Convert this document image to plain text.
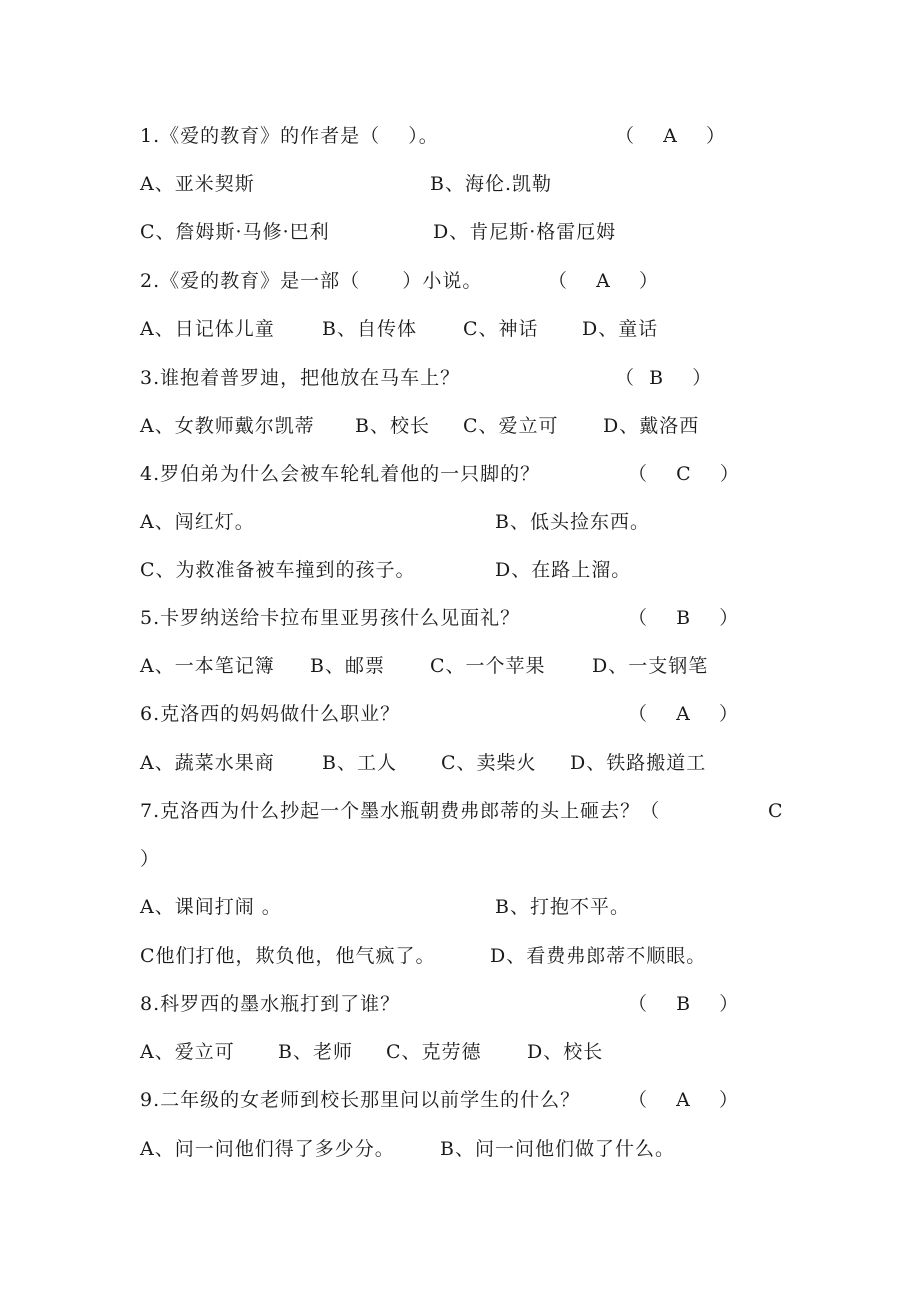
1.《爱的教育》的作者是（    ）。	（    A    ）
A、亚米契斯	B、海伦.凯勒
C、詹姆斯·马修·巴利	D、肯尼斯·格雷厄姆
2.《爱的教育》是一部（      ）小说。	（    A    ）
A、日记体儿童 B、自传体 C、神话 D、童话
3.谁抱着普罗迪，把他放在马车上？	（  B    ）
A、女教师戴尔凯蒂 B、校长 C、爱立可 D、戴洛西
4.罗伯弟为什么会被车轮轧着他的一只脚的？	（    C    ）
A、闯红灯。	B、低头捡东西。
C、为救准备被车撞到的孩子。	D、在路上溜。
5.卡罗纳送给卡拉布里亚男孩什么见面礼？	（    B    ）
A、一本笔记簿 B、邮票 C、一个苹果 D、一支钢笔
6.克洛西的妈妈做什么职业？	（    A    ）
A、蔬菜水果商 B、工人 C、卖柴火 D、铁路搬道工
7.克洛西为什么抄起一个墨水瓶朝费弗郎蒂的头上砸去？（	C
）
A、课间打闹 。	B、打抱不平。
C他们打他，欺负他，他气疯了。	D、看费弗郎蒂不顺眼。
8.科罗西的墨水瓶打到了谁？	（    B    ）
A、爱立可 B、老师 C、克劳德 D、校长
9.二年级的女老师到校长那里问以前学生的什么？	（    A    ）
A、问一问他们得了多少分。 B、问一问他们做了什么。
